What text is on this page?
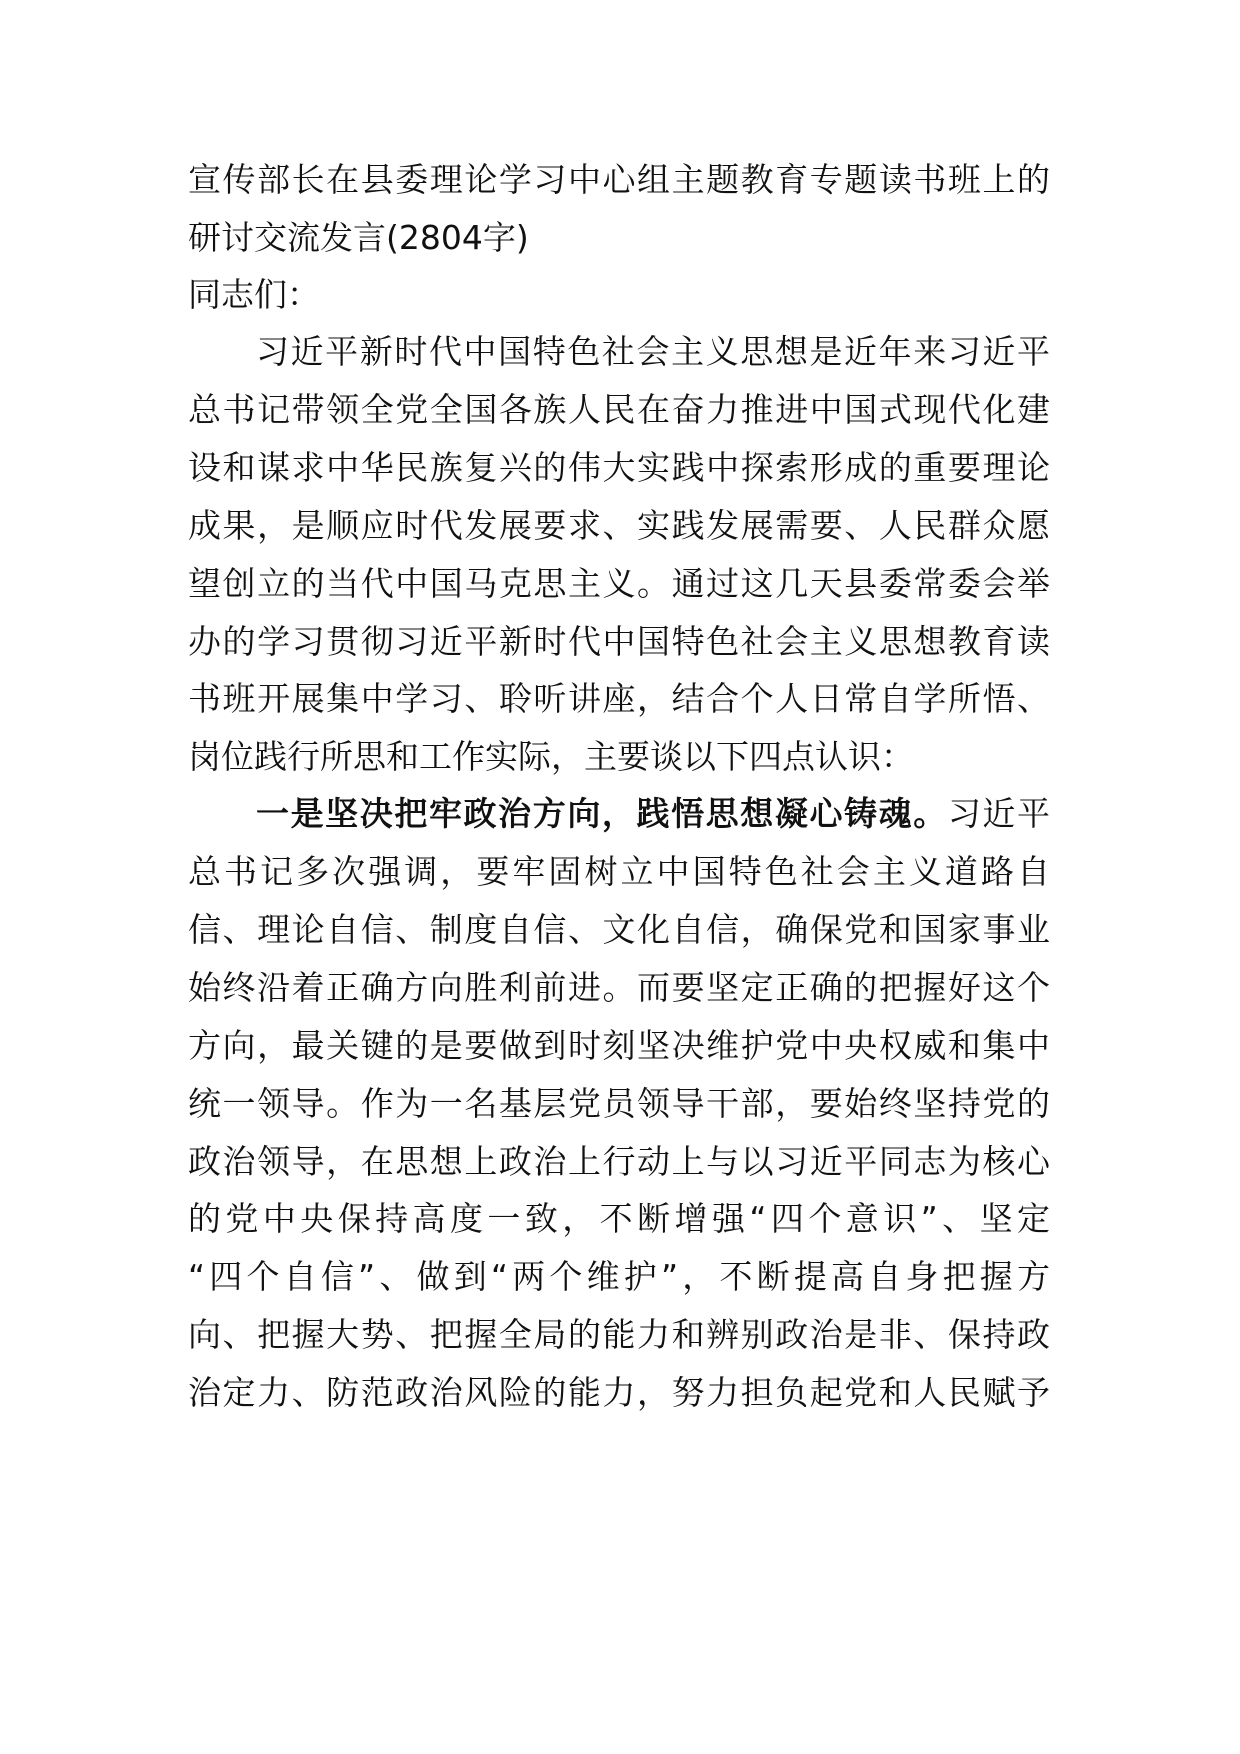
宣传部长在县委理论学习中心组主题教育专题读书班上的
研讨交流发言(2804字)
同志们：
习近平新时代中国特色社会主义思想是近年来习近平
总书记带领全党全国各族人民在奋力推进中国式现代化建
设和谋求中华民族复兴的伟大实践中探索形成的重要理论
成果，是顺应时代发展要求、实践发展需要、人民群众愿
望创立的当代中国马克思主义。通过这几天县委常委会举
办的学习贯彻习近平新时代中国特色社会主义思想教育读
书班开展集中学习、聆听讲座，结合个人日常自学所悟、
岗位践行所思和工作实际，主要谈以下四点认识：
一是坚决把牢政治方向，践悟思想凝心铸魂。习近平
总书记多次强调，要牢固树立中国特色社会主义道路自
信、理论自信、制度自信、文化自信，确保党和国家事业
始终沿着正确方向胜利前进。而要坚定正确的把握好这个
方向，最关键的是要做到时刻坚决维护党中央权威和集中
统一领导。作为一名基层党员领导干部，要始终坚持党的
政治领导，在思想上政治上行动上与以习近平同志为核心
的党中央保持高度一致，不断增强“四个意识”、坚定
“四个自信”、做到“两个维护”，不断提高自身把握方
向、把握大势、把握全局的能力和辨别政治是非、保持政
治定力、防范政治风险的能力，努力担负起党和人民赋予
